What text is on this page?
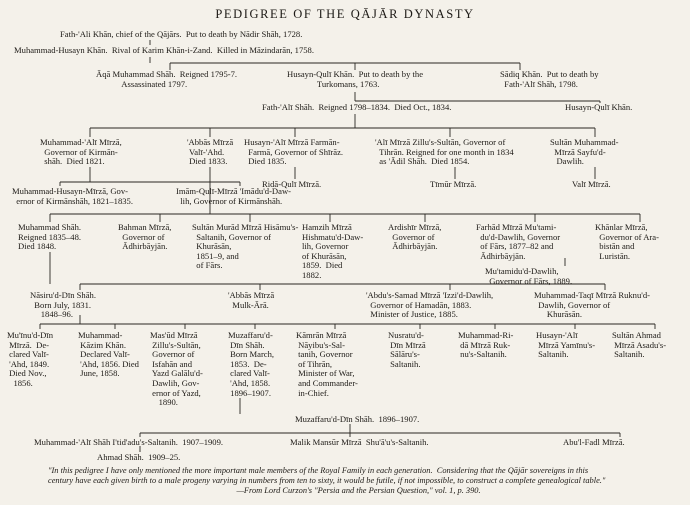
PEDIGREE OF THE QĀJĀR DYNASTY
Fath-'Ali Khān, chief of the Qājārs.  Put to death by Nādir Shāh, 1728.
Muhammad-Husayn Khān.  Rival of Karim Khān-i-Zand.  Killed in Māzindarān, 1758.
Āqā Muhammad Shāh.  Reigned 1795-7.
Assassinated 1797.
Husayn-Qulī Khān.  Put to death by the
Turkomans, 1763.
Sādiq Khān.  Put to death by
Fath-'Alī Shāh, 1798.
Fath-'Alī Shāh.  Reigned 1798–1834.  Died Oct., 1834.	Husayn-Qulī Khān.
Muhammad-'Alī Mīrzā,
Governor of Kirmān-
shāh.  Died 1821.
'Abbās Mīrzā
Valī-'Ahd.
Died 1833.
Husayn-'Alī Mīrzā Farmān-
Farmā, Governor of Shīrāz.
Died 1835.
'Alī Mīrzā Zillu's-Sultān, Governor of
Tihrān. Reigned for one month in 1834
as 'Ādil Shāh.  Died 1854.
Sultān Muhammad-
Mīrzā Sayfu'd-
Dawlih.
Muhammad-Husayn-Mīrzā, Gov-
ernor of Kirmānshāh, 1821–1835.
Imām-Qulī-Mīrzā 'Imādu'd-Daw-
lih, Governor of Kirmānshāh.
Ridā-Qulī Mīrzā.	Tīmūr Mīrzā.	Valī Mīrzā.
Muhammad Shāh.
Reigned 1835–48.
Died 1848.
Bahman Mīrzā,
Governor of
Ādhirbāyjān.
Sultān Murād Mīrzā Hisāmu's-
Saltanih, Governor of
Khurāsān,
1851–9, and
of Fārs.
Hamzih Mīrzā
Hishmatu'd-Daw-
lih, Governor
of Khurāsān,
1859.  Died
1882.
Ardishīr Mīrzā,
Governor of
Ādhirbāyjān.
Farhād Mīrzā Mu'tami-
du'd-Dawlih, Governor
of Fārs, 1877–82 and
Ādhirbāyjān.
Khānlar Mīrzā,
Governor of Ara-
bistān and
Luristān.
Mu'tamidu'd-Dawlih,
Governor of Fārs, 1889.
Nāsiru'd-Dīn Shāh.
Born July, 1831.
1848–96.
'Abbās Mīrzā
Mulk-Ārā.
'Abdu's-Samad Mīrzā 'Izzi'd-Dawlih,
Governor of Hamadān, 1883.
Minister of Justice, 1885.
Muhammad-Taqī Mīrzā Ruknu'd-
Dawlih, Governor of
Khurāsān.
Mu'īnu'd-Dīn
Mīrzā.  De-
clared Valī-
'Ahd, 1849.
Died Nov.,
1856.
Muhammad-
Kāzim Khān.
Declared Valī-
'Ahd, 1856. Died
June, 1858.
Mas'ūd Mīrzā
Zillu's-Sultān,
Governor of
Isfahān and
Yazd Galālu'd-
Dawlih, Gov-
ernor of Yazd,
1890.
Muzaffaru'd-
Dīn Shāh.
Born March,
1853.  De-
clared Valī-
'Ahd, 1858.
1896–1907.
Kāmrān Mīrzā
Nāyibu's-Sal-
tanih, Governor
of Tihrān,
Minister of War,
and Commander-
in-Chief.
Nusratu'd-
Dīn Mīrzā
Sālāru's-
Saltanih.
Muhammad-Ri-
dā Mīrzā Ruk-
nu's-Saltanih.
Husayn-'Alī
Mīrzā Yamīnu's-
Saltanih.
Sultān Ahmad
Mīrzā Asadu's-
Saltanih.
Muzaffaru'd-Dīn Shāh.  1896–1907.
Muhammad-'Alī Shāh I'tid'adu's-Saltanih.  1907–1909.	Malik Mansūr Mīrzā  Shu'ā'u's-Saltanih.	Abu'l-Fadl Mīrzā.
Ahmad Shāh.  1909–25.
"In this pedigree I have only mentioned the more important male members of the Royal Family in each generation.  Considering that the Qājār sovereigns in this
century have each given birth to a male progeny varying in numbers from ten to sixty, it would be futile, if not impossible, to construct a complete genealogical table."
—From Lord Curzon's "Persia and the Persian Question," vol. 1, p. 390.
